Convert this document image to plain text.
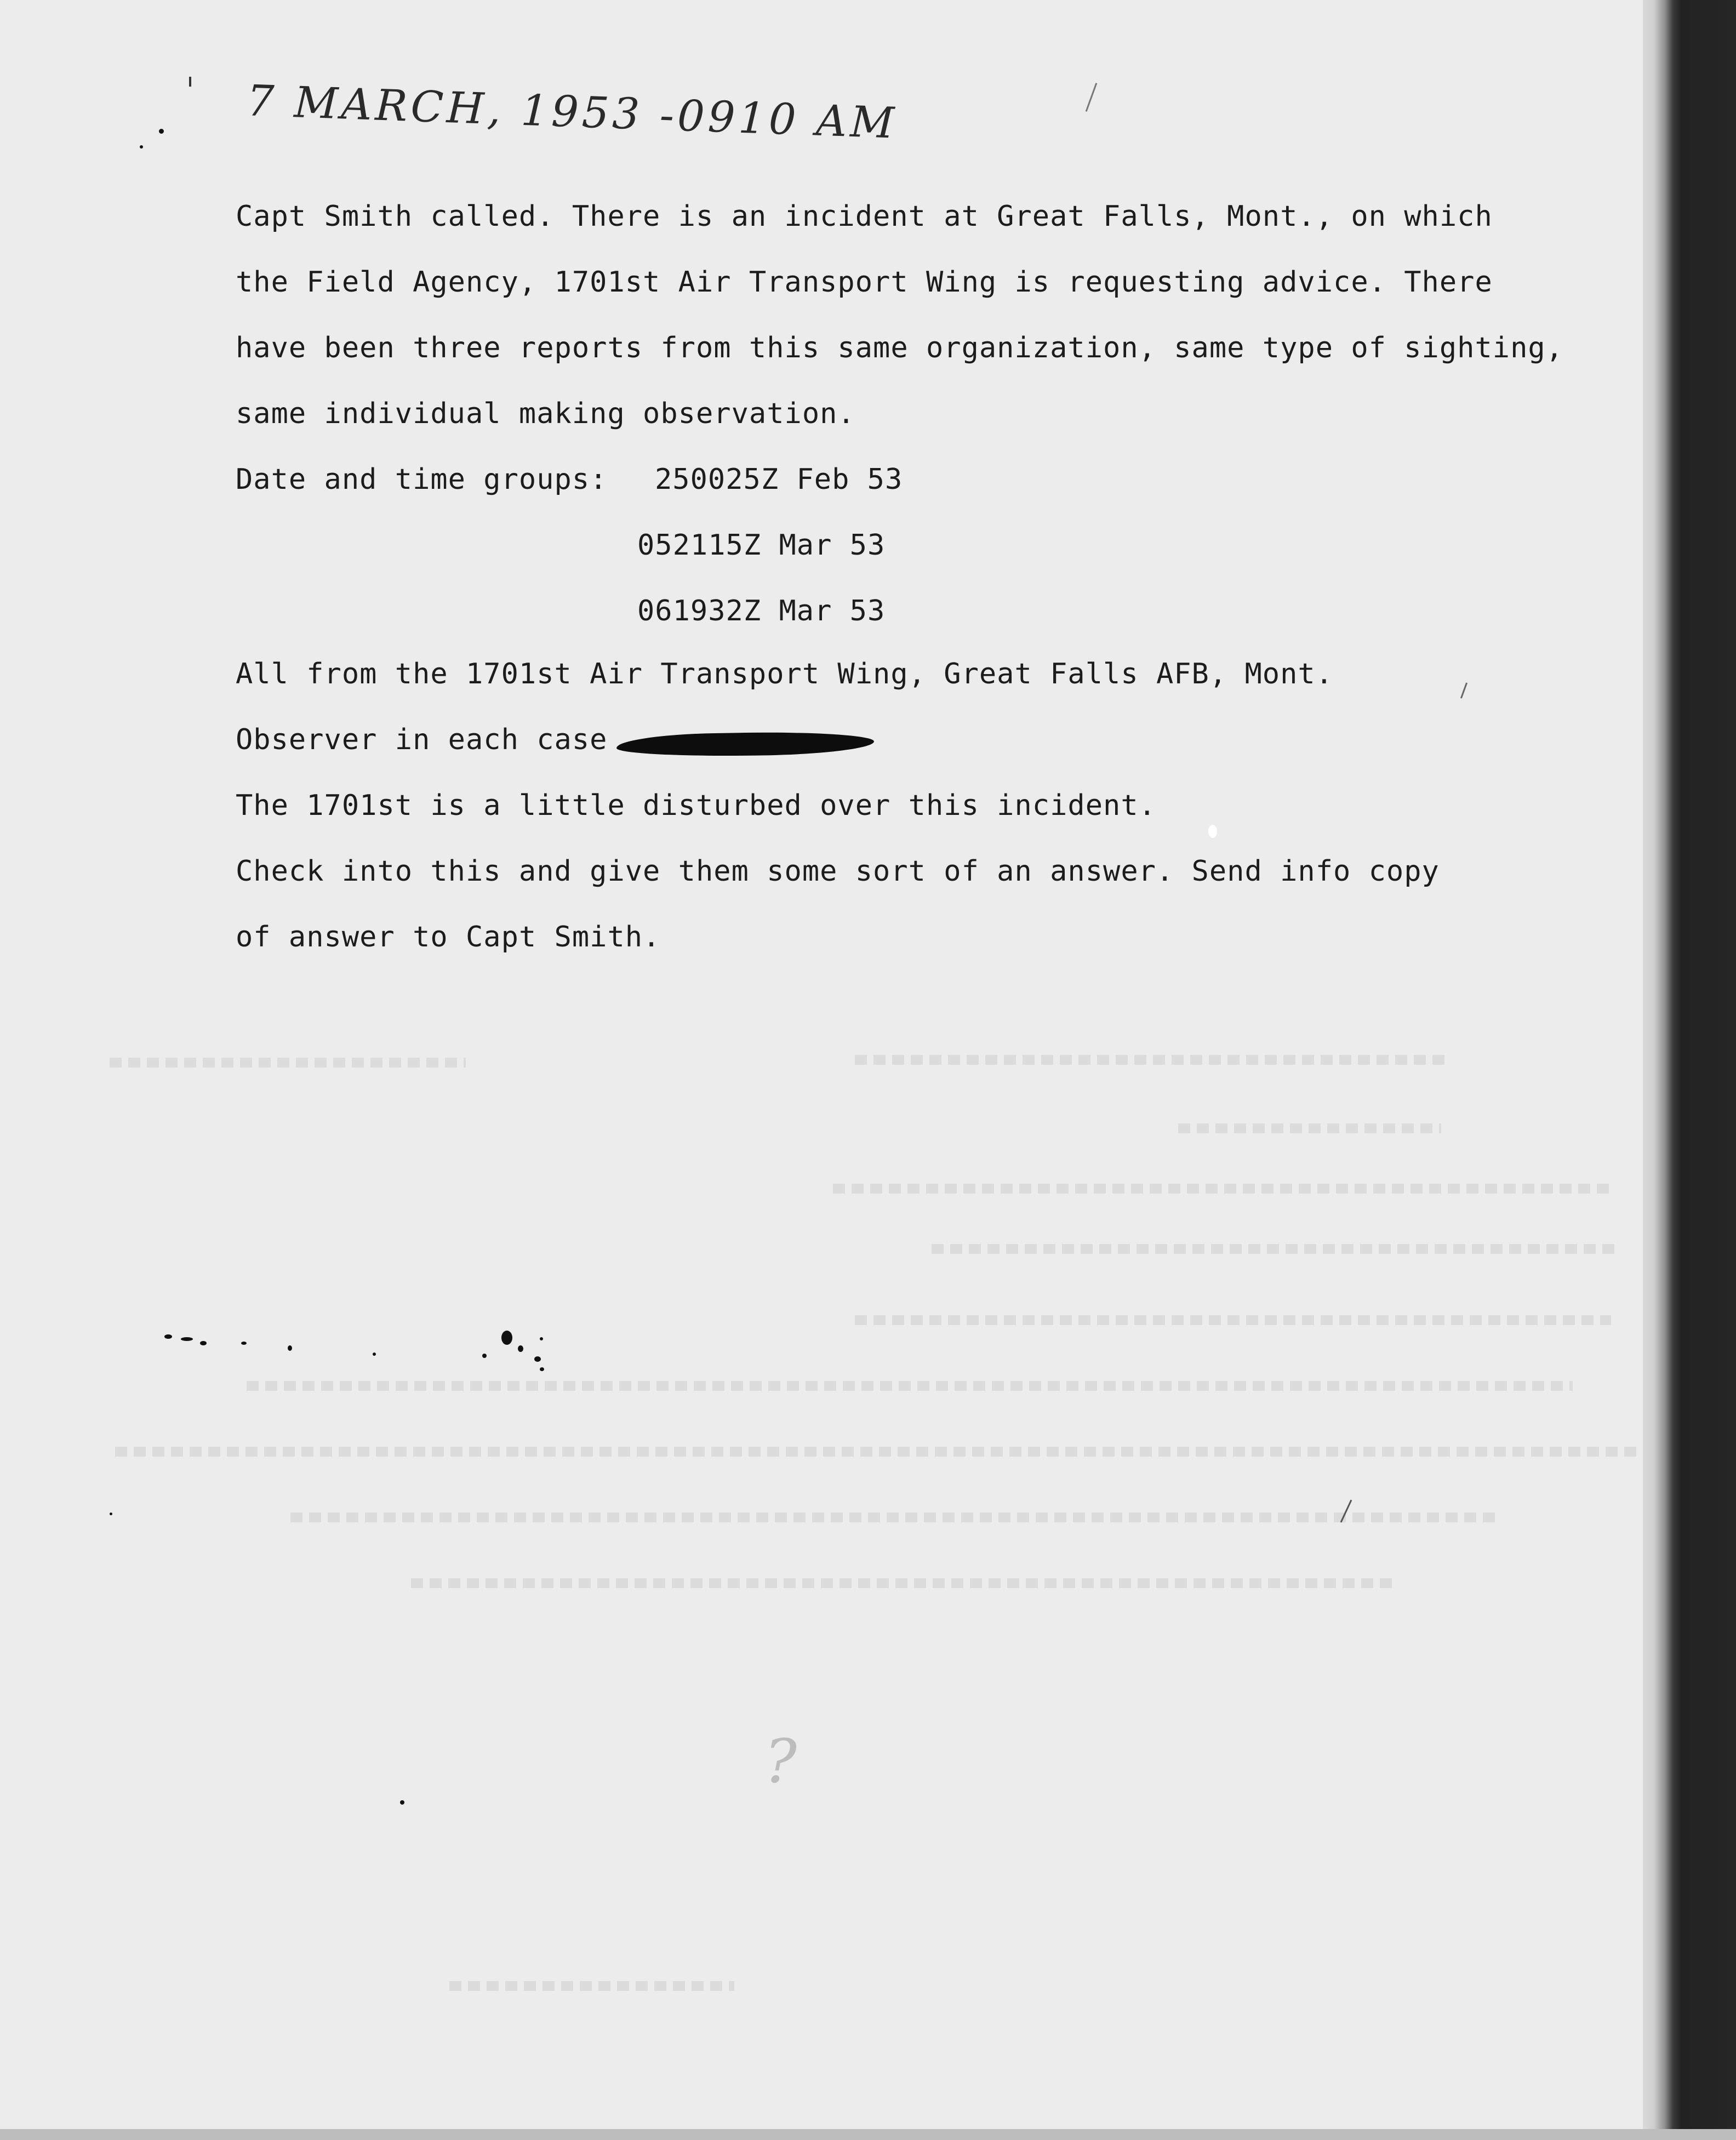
7 MARCH, 1953 -0910 AM
Capt Smith called. There is an incident at Great Falls, Mont., on which
the Field Agency, 1701st Air Transport Wing is requesting advice. There
have been three reports from this same organization, same type of sighting,
same individual making observation.
Date and time groups: 250025Z Feb 53
052115Z Mar 53
061932Z Mar 53
All from the 1701st Air Transport Wing, Great Falls AFB, Mont.
Observer in each case
The 1701st is a little disturbed over this incident.
Check into this and give them some sort of an answer. Send info copy
of answer to Capt Smith.
?
